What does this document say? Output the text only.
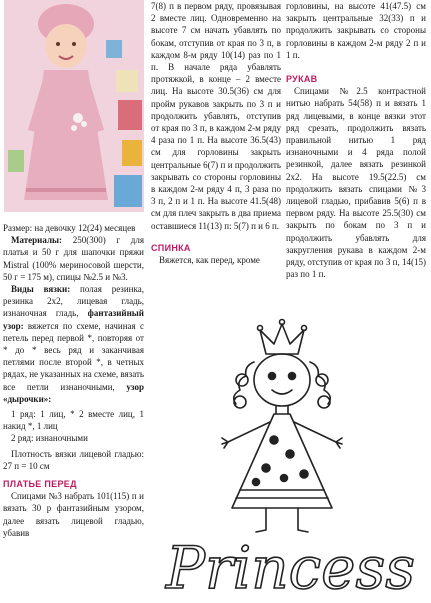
Размер: на девочку 12(24) месяцев

Материалы: 250(300) г для платья и 50 г для шапочки пряжи Mistral (100% мериносовой шерсти, 50 г = 175 м), спицы №2.5 и №3.

Виды вязки: полая резинка, резинка 2x2, лицевая гладь, изнаночная гладь, фантазийный узор: вяжется по схеме, начиная с петель перед первой *, повторяя от * до * весь ряд и заканчивая петлями после второй *, в четных рядах, не указанных на схеме, вязать все петли изнаночными, узор «дырочки»:

1 ряд: 1 лиц, * 2 вместе лиц, 1 накид *, 1 лиц

2 ряд: изнаночными

Плотность вязки лицевой гладью: 27 п = 10 см

ПЛАТЬЕ ПЕРЕД

Спицами №3 набрать 101(115) п и вязать 30 р фантазийным узором, далее вязать лицевой гладью, убавив

7(8) п в первом ряду, провязывая 2 вместе лиц. Одновременно на высоте 7 см начать убавлять по бокам, отступив от края по 3 п, в каждом 8-м ряду 10(14) раз по 1 п. В начале ряда убавлять протяжкой, в конце – 2 вместе лиц. На высоте 30.5(36) см для пройм рукавов закрыть по 3 п и продолжить убавлять, отступив от края по 3 п, в каждом 2-м ряду 4 раза по 1 п. На высоте 36.5(43) см для горловины закрыть центральные 6(7) п и продолжить закрывать со стороны горловины в каждом 2-м ряду 4 п, 3 раза по 3 п, 2 п и 1 п. На высоте 41.5(48) см для плеч закрыть в два приема оставшиеся 11(13) п: 5(7) п и 6 п.

СПИНКА

Вяжется, как перед, кроме

горловины, на высоте 41(47.5) см закрыть центральные 32(33) п и продолжить закрывать со стороны горловины в каждом 2-м ряду 2 п и 1 п.

РУКАВ

Спицами №2.5 контрастной нитью набрать 54(58) п и вязать 1 ряд лицевыми, в конце вязки этот ряд срезать, продолжить вязать правильной нитью 1 ряд изнаночными и 4 ряда полой резинкой, далее вязать резинкой 2x2. На высоте 19.5(22.5) см продолжить вязать спицами №3 лицевой гладью, прибавив 5(6) п в первом ряду. На высоте 25.5(30) см закрыть по бокам по 3 п и продолжить убавлять для закругления рукава в каждом 2-м ряду, отступив от края по 3 п, 14(15) раз по 1 п.

Princess
